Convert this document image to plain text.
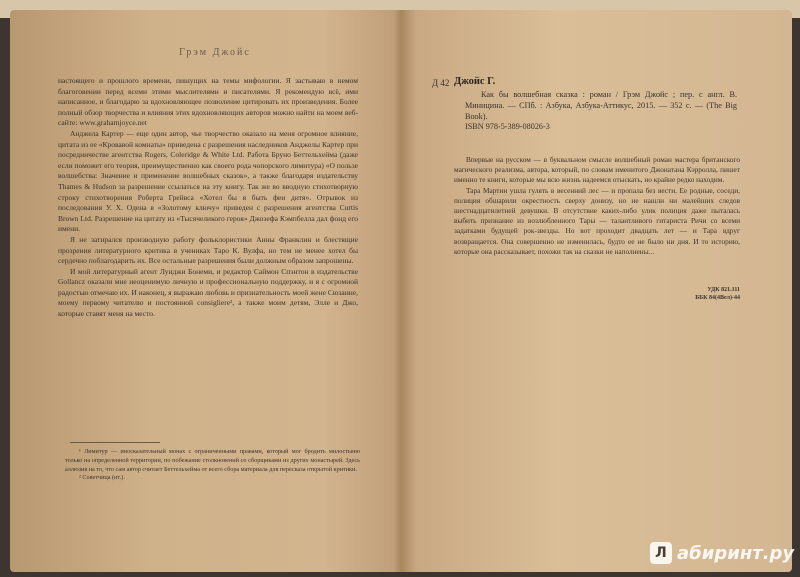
Грэм Джойс

настоящего и прошлого времени, пишущих на темы мифологии. Я застываю в немом благоговении перед всеми этими мыслителями и писателями. Я рекомендую всё, ими написанное, и благодарю за вдохновляющее позволение цитировать их произведения. Более полный обзор творчества и влияния этих вдохновляющих авторов можно найти на моем веб-сайте: www.grahamjoyce.net

Анджела Картер — еще один автор, чье творчество оказало на меня огромное влияние, цитата из ее «Кровавой комнаты» приведена с разрешения наследников Анджелы Картер при посредничестве агентства Rogers, Coleridge & White Ltd. Работа Бруно Беттельхейма (даже если поможет его теория, преимущественно как своего рода чопорского лимитура) «О пользе волшебства: Значение и применение волшебных сказок», а также благодаря издательству Thames & Hudson за разрешение ссылаться на эту книгу. Так же во вводную стихотворную строку стихотворения Роберта Грейвса «Хотел бы я быть феи дитя». Отрывок из последования У. Х. Одена в «Золотому ключу» приведен с разрешения агентства Curtis Brown Ltd. Разрешение на цитату из «Тысячеликого героя» Джозефа Кэмпбелла дал фонд его имени.

Я не затирался производную работу фольклористики Анны Франклин и блестящие прозрения литературного критика в учениках Таро К. Вулфа, но тем не менее хотел бы сердечно поблагодарить их. Все остальные разрешения были должным образом запрошены.

И мой литературный агент Луиджи Бонеми, и редактор Саймон Спэнтон в издательстве Gollancz оказали мне неоценимую личную и профессиональную поддержку, и я с огромной радостью отмечаю их. И наконец, я выражаю любовь и признательность моей жене Сюзанне, моему первому читателю и постоянной consigliere², а также моим детям, Элле и Джо, которые ставят меня на место.

¹ Лимитур — иносказательный монах с ограниченными правами, который мог бродить милостыню только на определенной территории, по побежание столкновений со сборщиками из других монастырей. Здесь аллюзия на то, что сам автор считает Беттельхейма от всего сбора материала для пересказа открытой критики.

² Советчица (ит.).

Д 42 Джойс Г.

Как бы волшебная сказка : роман / Грэм Джойс ; пер. с англ. В. Миницина. — СПб. : Азбука, Азбука-Аттикус, 2015. — 352 с. — (The Big Book).

ISBN 978-5-389-08026-3

Впервые на русском — в буквальном смысле волшебный роман мастера британского магического реализма, автора, который, по словам именитого Джонатана Кэрролла, пишет именно те книги, которые мы всю жизнь надеемся отыскать, но крайне редко находим.

Тара Мартин ушла гулять в весенний лес — и пропала без вести. Ее родные, соседи, полиция обшарили окрестность сверху донизу, но не нашли ни малейших следов шестнадцатилетней девушки. В отсутствие каких-либо улик полиция даже пыталась выбить признание из возлюбленного Тары — талантливого гитариста Ричи со всеми задатками будущей рок-звезды. Но вот проходит двадцать лет — и Тара вдруг возвращается. Она совершенно не изменилась, будто ее не было ни дня. И то историю, которые она рассказывает, похожи так на сказки не наполнены...

УДК 821.111
ББК 84(4Вел)-44
Л абиринт.ру
